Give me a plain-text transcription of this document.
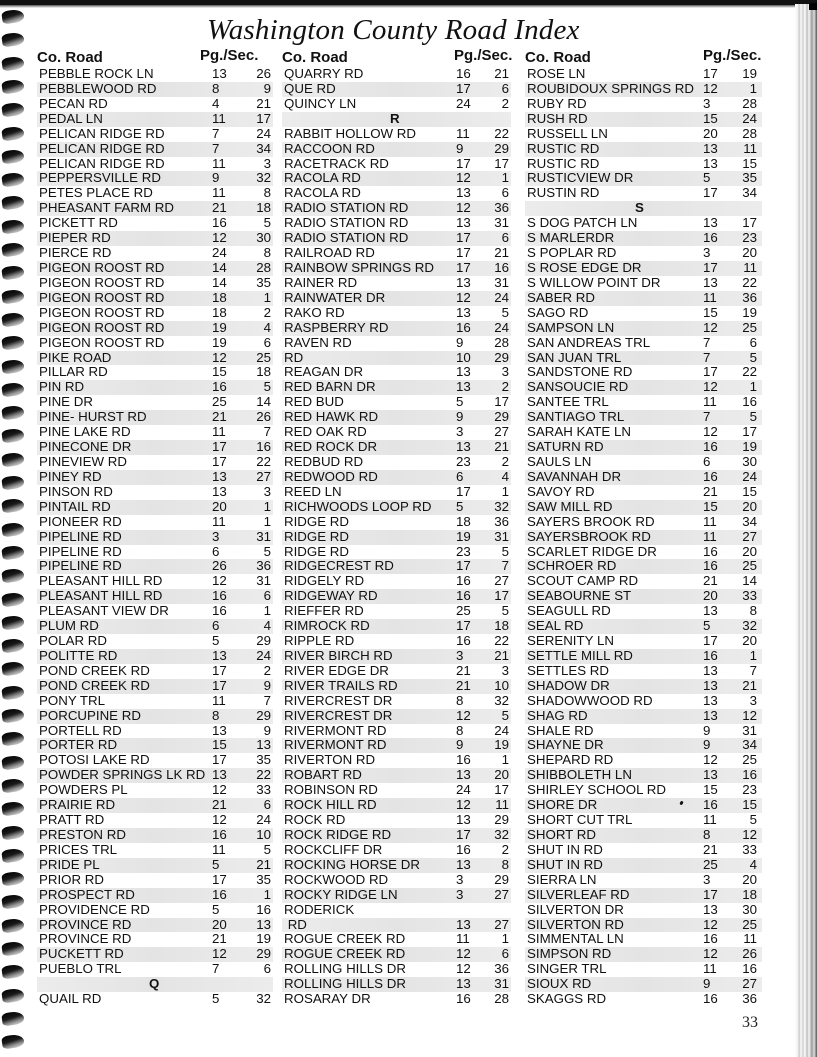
Washington County Road Index
Co. Road	Pg./Sec.
PEBBLE ROCK LN	13	26
PEBBLEWOOD RD	8	9
PECAN RD	4	21
PEDAL LN	11	17
PELICAN RIDGE RD	7	24
PELICAN RIDGE RD	7	34
PELICAN RIDGE RD	11	3
PEPPERSVILLE RD	9	32
PETES PLACE RD	11	8
PHEASANT FARM RD	21	18
PICKETT RD	16	5
PIEPER RD	12	30
PIERCE RD	24	8
PIGEON ROOST RD	14	28
PIGEON ROOST RD	14	35
PIGEON ROOST RD	18	1
PIGEON ROOST RD	18	2
PIGEON ROOST RD	19	4
PIGEON ROOST RD	19	6
PIKE ROAD	12	25
PILLAR RD	15	18
PIN RD	16	5
PINE DR	25	14
PINE- HURST RD	21	26
PINE LAKE RD	11	7
PINECONE DR	17	16
PINEVIEW RD	17	22
PINEY RD	13	27
PINSON RD	13	3
PINTAIL RD	20	1
PIONEER RD	11	1
PIPELINE RD	3	31
PIPELINE RD	6	5
PIPELINE RD	26	36
PLEASANT HILL RD	12	31
PLEASANT HILL RD	16	6
PLEASANT VIEW DR	16	1
PLUM RD	6	4
POLAR RD	5	29
POLITTE RD	13	24
POND CREEK RD	17	2
POND CREEK RD	17	9
PONY TRL	11	7
PORCUPINE RD	8	29
PORTELL RD	13	9
PORTER RD	15	13
POTOSI LAKE RD	17	35
POWDER SPRINGS LK RD 13	22
POWDERS PL	12	33
PRAIRIE RD	21	6
PRATT RD	12	24
PRESTON RD	16	10
PRICES TRL	11	5
PRIDE PL	5	21
PRIOR RD	17	35
PROSPECT RD	16	1
PROVIDENCE RD	5	16
PROVINCE RD	20	13
PROVINCE RD	21	19
PUCKETT RD	12	29
PUEBLO TRL	7	6
Q
QUAIL RD	5	32
Co. Road	Pg./Sec.
QUARRY RD	16	21
QUE RD	17	6
QUINCY LN	24	2
R
RABBIT HOLLOW RD	11	22
RACCOON RD	9	29
RACETRACK RD	17	17
RACOLA RD	12	1
RACOLA RD	13	6
RADIO STATION RD	12	36
RADIO STATION RD	13	31
RADIO STATION RD	17	6
RAILROAD RD	17	21
RAINBOW SPRINGS RD 17	16
RAINER RD	13	31
RAINWATER DR	12	24
RAKO RD	13	5
RASPBERRY RD	16	24
RAVEN RD	9	28
RD	10	29
REAGAN DR	13	3
RED BARN DR	13	2
RED BUD	5	17
RED HAWK RD	9	29
RED OAK RD	3	27
RED ROCK DR	13	21
REDBUD RD	23	2
REDWOOD RD	6	4
REED LN	17	1
RICHWOODS LOOP RD 5	32
RIDGE RD	18	36
RIDGE RD	19	31
RIDGE RD	23	5
RIDGECREST RD	17	7
RIDGELY RD	16	27
RIDGEWAY RD	16	17
RIEFFER RD	25	5
RIMROCK RD	17	18
RIPPLE RD	16	22
RIVER BIRCH RD	3	21
RIVER EDGE DR	21	3
RIVER TRAILS RD	21	10
RIVERCREST DR	8	32
RIVERCREST DR	12	5
RIVERMONT RD	8	24
RIVERMONT RD	9	19
RIVERTON RD	16	1
ROBART RD	13	20
ROBINSON RD	24	17
ROCK HILL RD	12	11
ROCK RD	13	29
ROCK RIDGE RD	17	32
ROCKCLIFF DR	16	2
ROCKING HORSE DR	13	8
ROCKWOOD RD	3	29
ROCKY RIDGE LN	3	27
RODERICK
RD	13	27
ROGUE CREEK RD	11	1
ROGUE CREEK RD	12	6
ROLLING HILLS DR	12	36
ROLLING HILLS DR	13	31
ROSARAY DR	16	28
Co. Road	Pg./Sec.
ROSE LN	17	19
ROUBIDOUX SPRINGS RD 12	1
RUBY RD	3	28
RUSH RD	15	24
RUSSELL LN	20	28
RUSTIC RD	13	11
RUSTIC RD	13	15
RUSTICVIEW DR	5	35
RUSTIN RD	17	34
S
S DOG PATCH LN	13	17
S MARLERDR	16	23
S POPLAR RD	3	20
S ROSE EDGE DR	17	11
S WILLOW POINT DR	13	22
SABER RD	11	36
SAGO RD	15	19
SAMPSON LN	12	25
SAN ANDREAS TRL	7	6
SAN JUAN TRL	7	5
SANDSTONE RD	17	22
SANSOUCIE RD	12	1
SANTEE TRL	11	16
SANTIAGO TRL	7	5
SARAH KATE LN	12	17
SATURN RD	16	19
SAULS LN	6	30
SAVANNAH DR	16	24
SAVOY RD	21	15
SAW MILL RD	15	20
SAYERS BROOK RD	11	34
SAYERSBROOK RD	11	27
SCARLET RIDGE DR	16	20
SCHROER RD	16	25
SCOUT CAMP RD	21	14
SEABOURNE ST	20	33
SEAGULL RD	13	8
SEAL RD	5	32
SERENITY LN	17	20
SETTLE MILL RD	16	1
SETTLES RD	13	7
SHADOW DR	13	21
SHADOWWOOD RD	13	3
SHAG RD	13	12
SHALE RD	9	31
SHAYNE DR	9	34
SHEPARD RD	12	25
SHIBBOLETH LN	13	16
SHIRLEY SCHOOL RD	15	23
SHORE DR	16	15
SHORT CUT TRL	11	5
SHORT RD	8	12
SHUT IN RD	21	33
SHUT IN RD	25	4
SIERRA LN	3	20
SILVERLEAF RD	17	18
SILVERTON DR	13	30
SILVERTON RD	12	25
SIMMENTAL LN	16	11
SIMPSON RD	12	26
SINGER TRL	11	16
SIOUX RD	9	27
SKAGGS RD	16	36
33
